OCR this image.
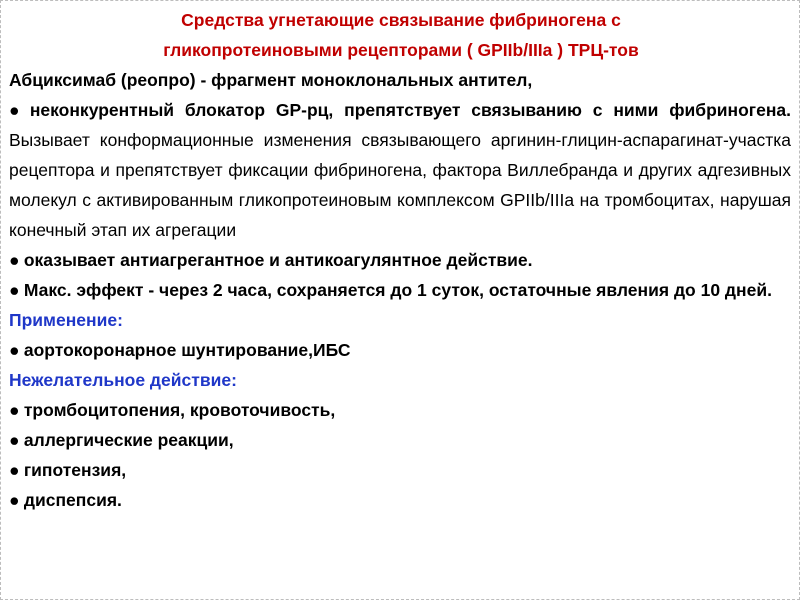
Средства угнетающие связывание фибриногена с
гликопротеиновыми рецепторами ( GPIIb/IIIa ) ТРЦ-тов

Абциксимаб (реопро) - фрагмент моноклональных антител,

● неконкурентный блокатор GP-рц, препятствует связыванию с ними фибриногена. Вызывает конформационные изменения связывающего аргинин-глицин-аспарагинат-участка рецептора и препятствует фиксации фибриногена, фактора Виллебранда и других адгезивных молекул с активированным гликопротеиновым комплексом GPIIb/IIIa на тромбоцитах, нарушая конечный этап их агрегации

● оказывает антиагрегантное и антикоагулянтное действие.

● Макс. эффект - через 2 часа, сохраняется до 1 суток, остаточные явления до 10 дней.

Применение:

● аортокоронарное шунтирование,ИБС

Нежелательное действие:

● тромбоцитопения, кровоточивость,

● аллергические реакции,

● гипотензия,

● диспепсия.
